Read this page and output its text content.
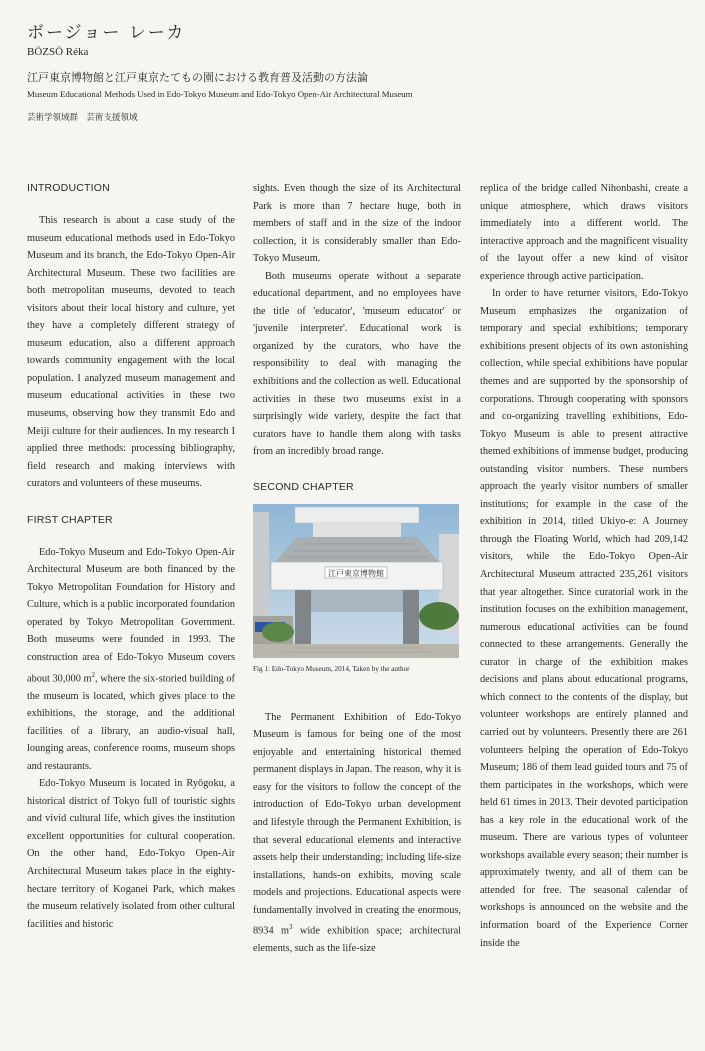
ボージョー レーカ
BÖZSÖ Réka
江戸東京博物館と江戸東京たてもの園における教育普及活動の方法論
Museum Educational Methods Used in Edo-Tokyo Museum and Edo-Tokyo Open-Air Architectural Museum
芸術学領域群　芸術支援領域
INTRODUCTION

This research is about a case study of the museum educational methods used in Edo-Tokyo Museum and its branch, the Edo-Tokyo Open-Air Architectural Museum. These two facilities are both metropolitan museums, devoted to teach visitors about their local history and culture, yet they have a completely different strategy of museum education, also a different approach towards community engagement with the local population. I analyzed museum management and museum educational activities in these two museums, observing how they transmit Edo and Meiji culture for their audiences. In my research I applied three methods: processing bibliography, field research and making interviews with curators and volunteers of these museums.

FIRST CHAPTER

Edo-Tokyo Museum and Edo-Tokyo Open-Air Architectural Museum are both financed by the Tokyo Metropolitan Foundation for History and Culture, which is a public incorporated foundation operated by Tokyo Metropolitan Government. Both museums were founded in 1993. The construction area of Edo-Tokyo Museum covers about 30,000 $m^2$, where the six-storied building of the museum is located, which gives place to the exhibitions, the storage, and the additional facilities of a library, an audio-visual hall, lounging areas, conference rooms, museum shops and restaurants.

Edo-Tokyo Museum is located in Ryōgoku, a historical district of Tokyo full of touristic sights and vivid cultural life, which gives the institution excellent opportunities for cultural cooperation. On the other hand, Edo-Tokyo Open-Air Architectural Museum takes place in the eighty-hectare territory of Koganei Park, which makes the museum relatively isolated from other cultural facilities and historic

sights. Even though the size of its Architectural Park is more than 7 hectare huge, both in members of staff and in the size of the indoor collection, it is considerably smaller than Edo-Tokyo Museum.

Both museums operate without a separate educational department, and no employees have the title of 'educator', 'museum educator' or 'juvenile interpreter'. Educational work is organized by the curators, who have the responsibility to deal with managing the exhibitions and the collection as well. Educational activities in these two museums exist in a surprisingly wide variety, despite the fact that curators have to handle them along with tasks from an incredibly broad range.

SECOND CHAPTER
江戸東京博物館
Fig 1: Edo-Tokyo Museum, 2014, Taken by the author

The Permanent Exhibition of Edo-Tokyo Museum is famous for being one of the most enjoyable and entertaining historical themed permanent displays in Japan. The reason, why it is easy for the visitors to follow the concept of the introduction of Edo-Tokyo urban development and lifestyle through the Permanent Exhibition, is that several educational elements and interactive assets help their understanding; including life-size installations, hands-on exhibits, moving scale models and projections. Educational aspects were fundamentally involved in creating the enormous, 8934 $m^3$ wide exhibition space; architectural elements, such as the life-size

replica of the bridge called Nihonbashi, create a unique atmosphere, which draws visitors immediately into a different world. The interactive approach and the magnificent visuality of the layout offer a new kind of visitor experience through active participation.

In order to have returner visitors, Edo-Tokyo Museum emphasizes the organization of temporary and special exhibitions; temporary exhibitions present objects of its own astonishing collection, while special exhibitions have popular themes and are supported by the sponsorship of corporations. Through cooperating with sponsors and co-organizing travelling exhibitions, Edo-Tokyo Museum is able to present attractive themed exhibitions of immense budget, producing outstanding visitor numbers. These numbers approach the yearly visitor numbers of smaller institutions; for example in the case of the exhibition in 2014, titled Ukiyo-e: A Journey through the Floating World, which had 209,142 visitors, while the Edo-Tokyo Open-Air Architectural Museum attracted 235,261 visitors that year altogether. Since curatorial work in the institution focuses on the exhibition management, numerous educational activities can be found connected to these arrangements. Generally the curator in charge of the exhibition makes decisions and plans about educational programs, which connect to the contents of the display, but volunteer workshops are entirely planned and carried out by volunteers. Presently there are 261 volunteers helping the operation of Edo-Tokyo Museum; 186 of them lead guided tours and 75 of them participates in the workshops, which were held 61 times in 2013. Their devoted participation has a key role in the educational work of the museum. There are various types of volunteer workshops available every season; their number is approximately twenty, and all of them can be attended for free. The seasonal calendar of workshops is announced on the website and the information board of the Experience Corner inside the
